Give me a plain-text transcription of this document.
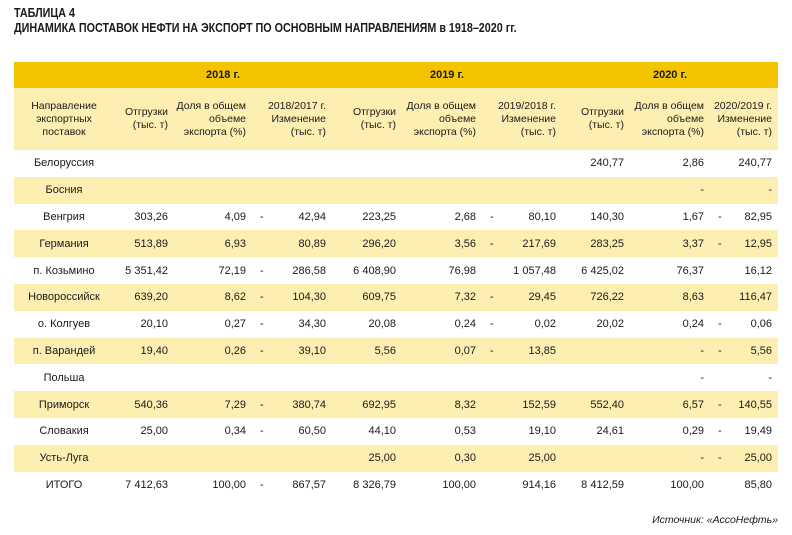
ТАБЛИЦА 4
ДИНАМИКА ПОСТАВОК НЕФТИ НА ЭКСПОРТ ПО ОСНОВНЫМ НАПРАВЛЕНИЯМ в 1918–2020 гг.
	2018 г.			2019 г.			2020 г.		
Направление экспортных поставок	Отгрузки (тыс. т)	Доля в общем объеме экспорта (%)	2018/2017 г. Изменение (тыс. т)	Отгрузки (тыс. т)	Доля в общем объеме экспорта (%)	2019/2018 г. Изменение (тыс. т)	Отгрузки (тыс. т)	Доля в общем объеме экспорта (%)	2020/2019 г. Изменение (тыс. т)
Белоруссия							240,77	2,86	240,77

Босния								-	-

Венгрия	303,26	4,09	- 42,94	223,25	2,68	- 80,10	140,30	1,67	- 82,95

Германия	513,89	6,93	80,89	296,20	3,56	- 217,69	283,25	3,37	- 12,95

п. Козьмино	5 351,42	72,19	- 286,58	6 408,90	76,98	1 057,48	6 425,02	76,37	16,12

Новороссийск	639,20	8,62	- 104,30	609,75	7,32	- 29,45	726,22	8,63	116,47

о. Колгуев	20,10	0,27	- 34,30	20,08	0,24	- 0,02	20,02	0,24	- 0,06

п. Варандей	19,40	0,26	- 39,10	5,56	0,07	- 13,85		-	- 5,56

Польша								-	-

Приморск	540,36	7,29	- 380,74	692,95	8,32	152,59	552,40	6,57	- 140,55

Словакия	25,00	0,34	- 60,50	44,10	0,53	19,10	24,61	0,29	- 19,49

Усть-Луга				25,00	0,30	25,00		-	- 25,00

ИТОГО	7 412,63	100,00	- 867,57	8 326,79	100,00	914,16	8 412,59	100,00	85,80
Источник: «АссоНефть»
